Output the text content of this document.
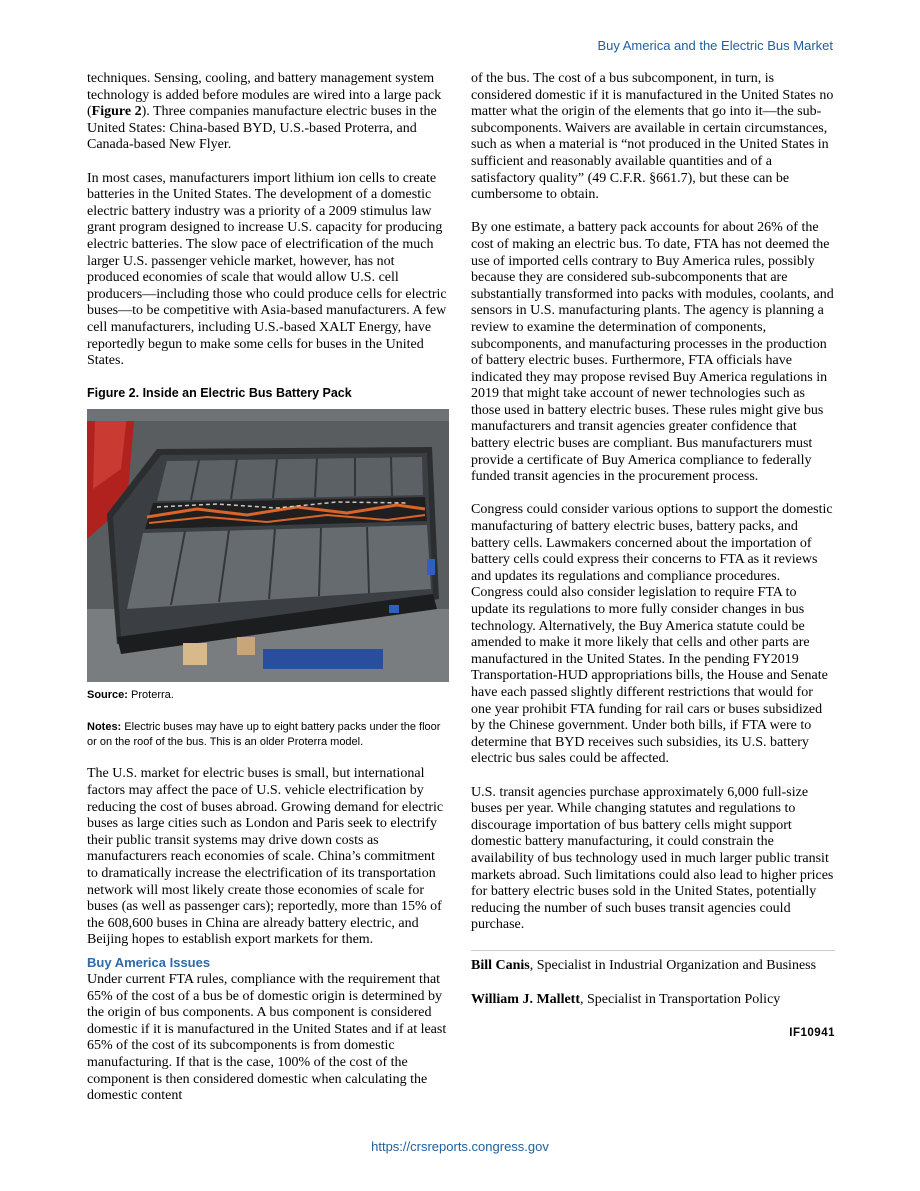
Buy America and the Electric Bus Market

techniques. Sensing, cooling, and battery management system technology is added before modules are wired into a large pack (Figure 2). Three companies manufacture electric buses in the United States: China-based BYD, U.S.-based Proterra, and Canada-based New Flyer.

In most cases, manufacturers import lithium ion cells to create batteries in the United States. The development of a domestic electric battery industry was a priority of a 2009 stimulus law grant program designed to increase U.S. capacity for producing electric batteries. The slow pace of electrification of the much larger U.S. passenger vehicle market, however, has not produced economies of scale that would allow U.S. cell producers—including those who could produce cells for electric buses—to be competitive with Asia-based manufacturers. A few cell manufacturers, including U.S.-based XALT Energy, have reportedly begun to make some cells for buses in the United States.

Figure 2. Inside an Electric Bus Battery Pack

Source: Proterra.

Notes: Electric buses may have up to eight battery packs under the floor or on the roof of the bus. This is an older Proterra model.

The U.S. market for electric buses is small, but international factors may affect the pace of U.S. vehicle electrification by reducing the cost of buses abroad. Growing demand for electric buses as large cities such as London and Paris seek to electrify their public transit systems may drive down costs as manufacturers reach economies of scale. China’s commitment to dramatically increase the electrification of its transportation network will most likely create those economies of scale for buses (as well as passenger cars); reportedly, more than 15% of the 608,600 buses in China are already battery electric, and Beijing hopes to establish export markets for them.

Buy America Issues

Under current FTA rules, compliance with the requirement that 65% of the cost of a bus be of domestic origin is determined by the origin of bus components. A bus component is considered domestic if it is manufactured in the United States and if at least 65% of the cost of its subcomponents is from domestic manufacturing. If that is the case, 100% of the cost of the component is then considered domestic when calculating the domestic content

of the bus. The cost of a bus subcomponent, in turn, is considered domestic if it is manufactured in the United States no matter what the origin of the elements that go into it—the sub-subcomponents. Waivers are available in certain circumstances, such as when a material is “not produced in the United States in sufficient and reasonably available quantities and of a satisfactory quality” (49 C.F.R. §661.7), but these can be cumbersome to obtain.

By one estimate, a battery pack accounts for about 26% of the cost of making an electric bus. To date, FTA has not deemed the use of imported cells contrary to Buy America rules, possibly because they are considered sub-subcomponents that are substantially transformed into packs with modules, coolants, and sensors in U.S. manufacturing plants. The agency is planning a review to examine the determination of components, subcomponents, and manufacturing processes in the production of battery electric buses. Furthermore, FTA officials have indicated they may propose revised Buy America regulations in 2019 that might take account of newer technologies such as those used in battery electric buses. These rules might give bus manufacturers and transit agencies greater confidence that battery electric buses are compliant. Bus manufacturers must provide a certificate of Buy America compliance to federally funded transit agencies in the procurement process.

Congress could consider various options to support the domestic manufacturing of battery electric buses, battery packs, and battery cells. Lawmakers concerned about the importation of battery cells could express their concerns to FTA as it reviews and updates its regulations and compliance procedures. Congress could also consider legislation to require FTA to update its regulations to more fully consider changes in bus technology. Alternatively, the Buy America statute could be amended to make it more likely that cells and other parts are manufactured in the United States. In the pending FY2019 Transportation-HUD appropriations bills, the House and Senate have each passed slightly different restrictions that would for one year prohibit FTA funding for rail cars or buses subsidized by the Chinese government. Under both bills, if FTA were to determine that BYD receives such subsidies, its U.S. battery electric bus sales could be affected.

U.S. transit agencies purchase approximately 6,000 full-size buses per year. While changing statutes and regulations to discourage importation of bus battery cells might support domestic battery manufacturing, it could constrain the availability of bus technology used in much larger public transit markets abroad. Such limitations could also lead to higher prices for battery electric buses sold in the United States, potentially reducing the number of such buses transit agencies could purchase.

Bill Canis, Specialist in Industrial Organization and Business

William J. Mallett, Specialist in Transportation Policy

IF10941
https://crsreports.congress.gov
